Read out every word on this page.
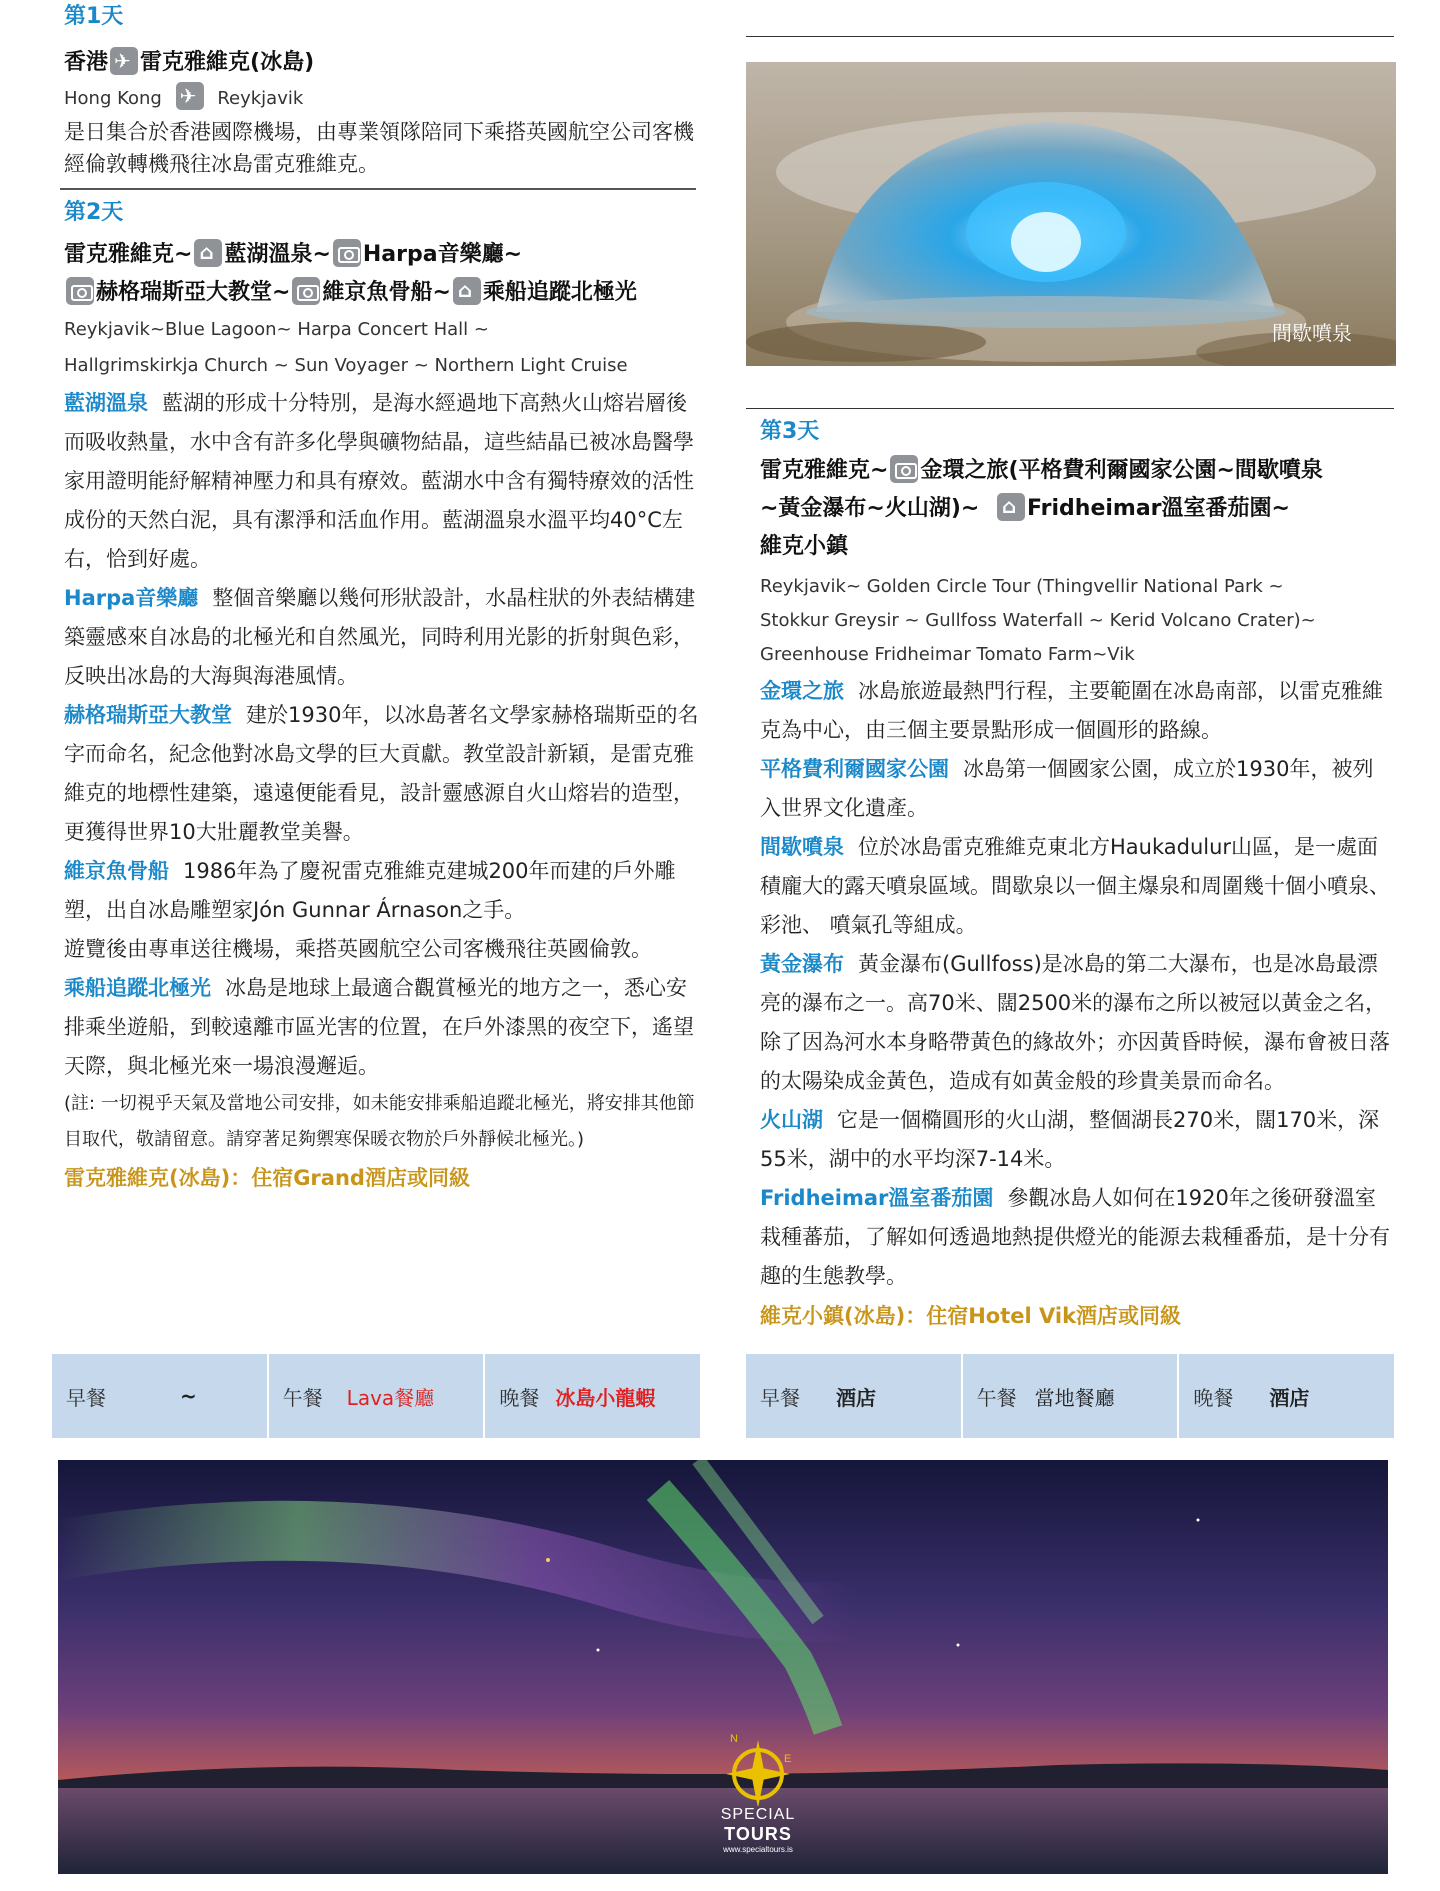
第1天
香港 ✈ 雷克雅維克(冰島)
Hong Kong ✈	Reykjavik
是日集合於香港國際機場，由專業領隊陪同下乘搭英國航空公司客機經倫敦轉機飛往冰島雷克雅維克。
第2天
雷克雅維克~ ⌂ 藍湖溫泉~ Harpa音樂廳~
赫格瑞斯亞大教堂~ 維京魚骨船~ ⌂ 乘船追蹤北極光
Reykjavik~Blue Lagoon~ Harpa Concert Hall ~
Hallgrimskirkja Church ~ Sun Voyager ~ Northern Light Cruise
藍湖溫泉 藍湖的形成十分特別，是海水經過地下高熱火山熔岩層後而吸收熱量，水中含有許多化學與礦物結晶，這些結晶已被冰島醫學家用證明能紓解精神壓力和具有療效。藍湖水中含有獨特療效的活性成份的天然白泥，具有潔淨和活血作用。藍湖溫泉水溫平均40°C左右，恰到好處。
Harpa音樂廳 整個音樂廳以幾何形狀設計，水晶柱狀的外表結構建築靈感來自冰島的北極光和自然風光，同時利用光影的折射與色彩，反映出冰島的大海與海港風情。
赫格瑞斯亞大教堂 建於1930年，以冰島著名文學家赫格瑞斯亞的名字而命名，紀念他對冰島文學的巨大貢獻。教堂設計新穎，是雷克雅維克的地標性建築，遠遠便能看見，設計靈感源自火山熔岩的造型，更獲得世界10大壯麗教堂美譽。
維京魚骨船 1986年為了慶祝雷克雅維克建城200年而建的戶外雕塑，出自冰島雕塑家Jón Gunnar Árnason之手。
遊覽後由專車送往機場，乘搭英國航空公司客機飛往英國倫敦。
乘船追蹤北極光 冰島是地球上最適合觀賞極光的地方之一，悉心安排乘坐遊船，到較遠離市區光害的位置，在戶外漆黑的夜空下，遙望天際，與北極光來一場浪漫邂逅。
(註: 一切視乎天氣及當地公司安排，如未能安排乘船追蹤北極光，將安排其他節目取代，敬請留意。請穿著足夠禦寒保暖衣物於戶外靜候北極光。)
雷克雅維克(冰島)：住宿Grand酒店或同級
早餐	~	午餐 Lava餐廳	晚餐 冰島小龍蝦
間歇噴泉
第3天
雷克雅維克~ 金環之旅(平格費利爾國家公園~間歇噴泉
~黃金瀑布~火山湖)~ ⌂ Fridheimar溫室番茄園~
維克小鎮
Reykjavik~ Golden Circle Tour (Thingvellir National Park ~
Stokkur Greysir ~ Gullfoss Waterfall ~ Kerid Volcano Crater)~
Greenhouse Fridheimar Tomato Farm~Vik
金環之旅 冰島旅遊最熱門行程，主要範圍在冰島南部，以雷克雅維克為中心，由三個主要景點形成一個圓形的路線。
平格費利爾國家公園 冰島第一個國家公園，成立於1930年，被列入世界文化遺產。
間歇噴泉 位於冰島雷克雅維克東北方Haukadulur山區，是一處面積龐大的露天噴泉區域。間歇泉以一個主爆泉和周圍幾十個小噴泉、彩池、 噴氣孔等組成。
黃金瀑布 黃金瀑布(Gullfoss)是冰島的第二大瀑布，也是冰島最漂亮的瀑布之一。高70米、闊2500米的瀑布之所以被冠以黃金之名，除了因為河水本身略帶黃色的緣故外；亦因黃昏時候，瀑布會被日落的太陽染成金黃色，造成有如黃金般的珍貴美景而命名。
火山湖 它是一個橢圓形的火山湖，整個湖長270米，闊170米，深55米，湖中的水平均深7-14米。
Fridheimar溫室番茄園 參觀冰島人如何在1920年之後研發溫室栽種蕃茄，了解如何透過地熱提供燈光的能源去栽種番茄，是十分有趣的生態教學。
維克小鎮(冰島)：住宿Hotel Vik酒店或同級
早餐 酒店	午餐 當地餐廳	晚餐 酒店
N
E
SPECIAL
TOURS
www.specialtours.is
